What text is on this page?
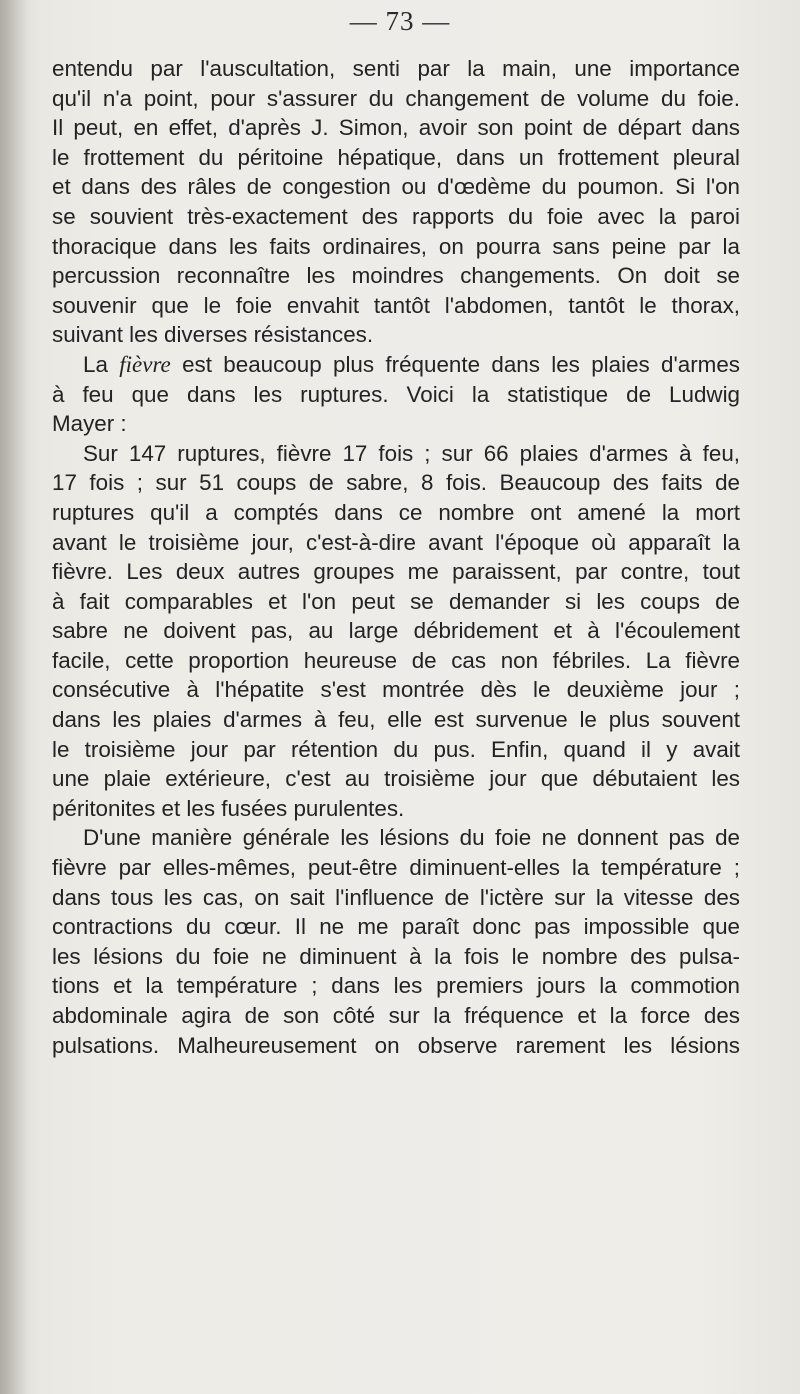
— 73 —
entendu par l'auscultation, senti par la main, une importance
qu'il n'a point, pour s'assurer du changement de volume du foie.
Il peut, en effet, d'après J. Simon, avoir son point de départ dans
le frottement du péritoine hépatique, dans un frottement pleural
et dans des râles de congestion ou d'œdème du poumon. Si l'on
se souvient très-exactement des rapports du foie avec la paroi
thoracique dans les faits ordinaires, on pourra sans peine par la
percussion reconnaître les moindres changements. On doit se
souvenir que le foie envahit tantôt l'abdomen, tantôt le thorax,
suivant les diverses résistances.
La fièvre est beaucoup plus fréquente dans les plaies d'armes
à feu que dans les ruptures. Voici la statistique de Ludwig
Mayer :
Sur 147 ruptures, fièvre 17 fois ; sur 66 plaies d'armes à feu,
17 fois ; sur 51 coups de sabre, 8 fois. Beaucoup des faits de
ruptures qu'il a comptés dans ce nombre ont amené la mort
avant le troisième jour, c'est-à-dire avant l'époque où apparaît la
fièvre. Les deux autres groupes me paraissent, par contre, tout
à fait comparables et l'on peut se demander si les coups de
sabre ne doivent pas, au large débridement et à l'écoulement
facile, cette proportion heureuse de cas non fébriles. La fièvre
consécutive à l'hépatite s'est montrée dès le deuxième jour ;
dans les plaies d'armes à feu, elle est survenue le plus souvent
le troisième jour par rétention du pus. Enfin, quand il y avait
une plaie extérieure, c'est au troisième jour que débutaient les
péritonites et les fusées purulentes.
D'une manière générale les lésions du foie ne donnent pas de
fièvre par elles-mêmes, peut-être diminuent-elles la température ;
dans tous les cas, on sait l'influence de l'ictère sur la vitesse des
contractions du cœur. Il ne me paraît donc pas impossible que
les lésions du foie ne diminuent à la fois le nombre des pulsa-
tions et la température ; dans les premiers jours la commotion
abdominale agira de son côté sur la fréquence et la force des
pulsations. Malheureusement on observe rarement les lésions
